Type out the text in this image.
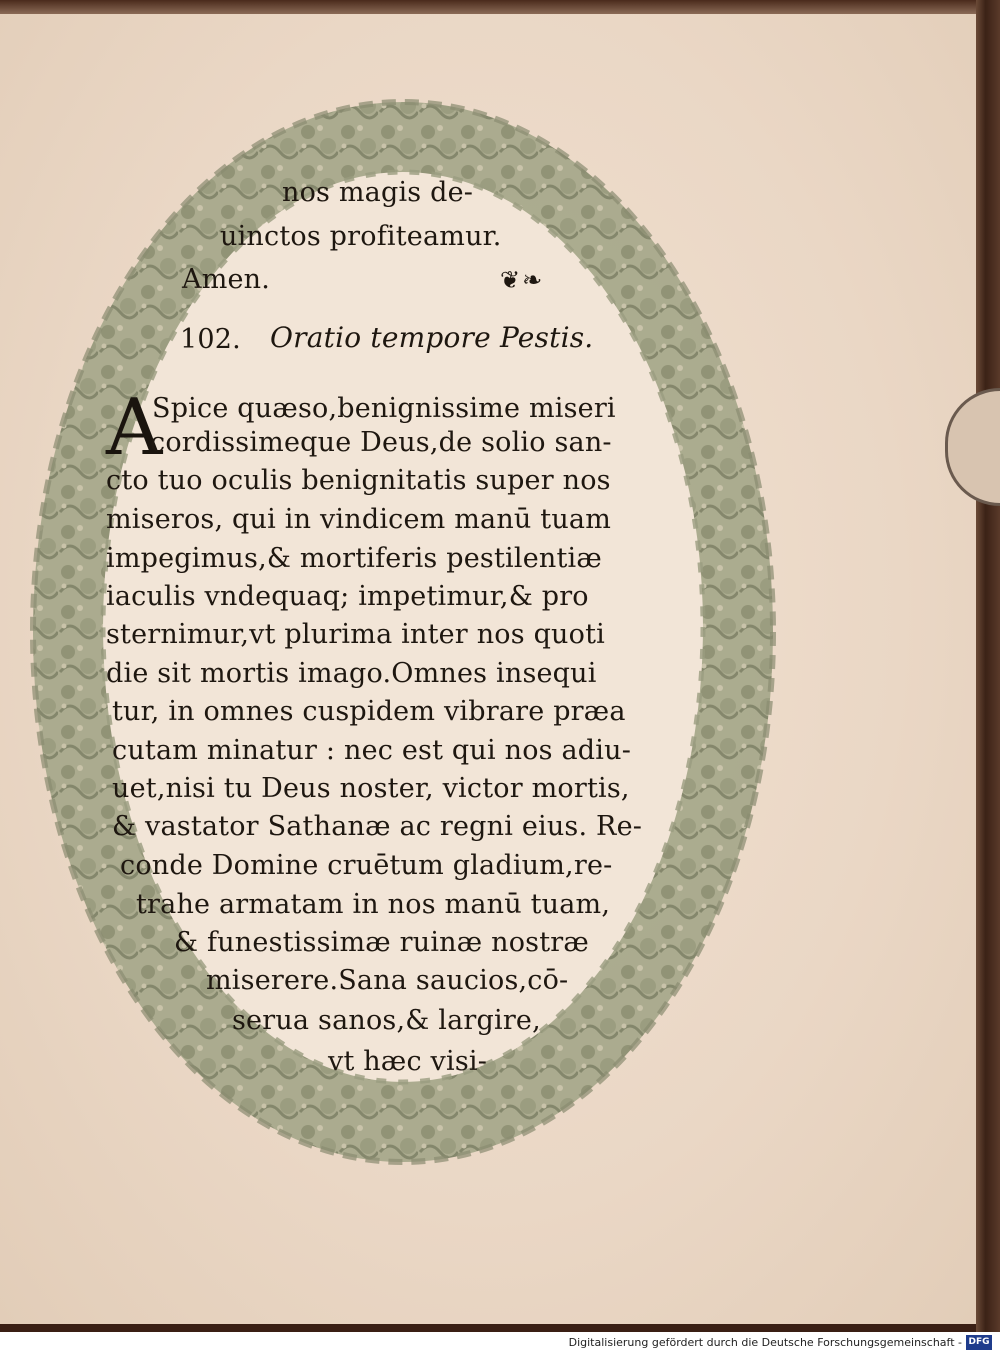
nos magis de-
uinctos profiteamur.
Amen.	❦❧
102. Oratio tempore Pestis.
A
Spice quæso,benignissime miseri
cordissimeque Deus,de solio san-
cto tuo oculis benignitatis super nos
miseros, qui in vindicem manū tuam
impegimus,& mortiferis pestilentiæ
iaculis vndequaq; impetimur,& pro
sternimur,vt plurima inter nos quoti
die sit mortis imago.Omnes insequi
tur, in omnes cuspidem vibrare præa
cutam minatur : nec est qui nos adiu-
uet,nisi tu Deus noster, victor mortis,
& vastator Sathanæ ac regni eius. Re-
conde Domine cruētum gladium,re-
trahe armatam in nos manū tuam,
& funestissimæ ruinæ nostræ
miserere.Sana saucios,cō-
serua sanos,& largire,
vt hæc visi-
Digitalisierung gefördert durch die Deutsche Forschungsgemeinschaft - DFG
